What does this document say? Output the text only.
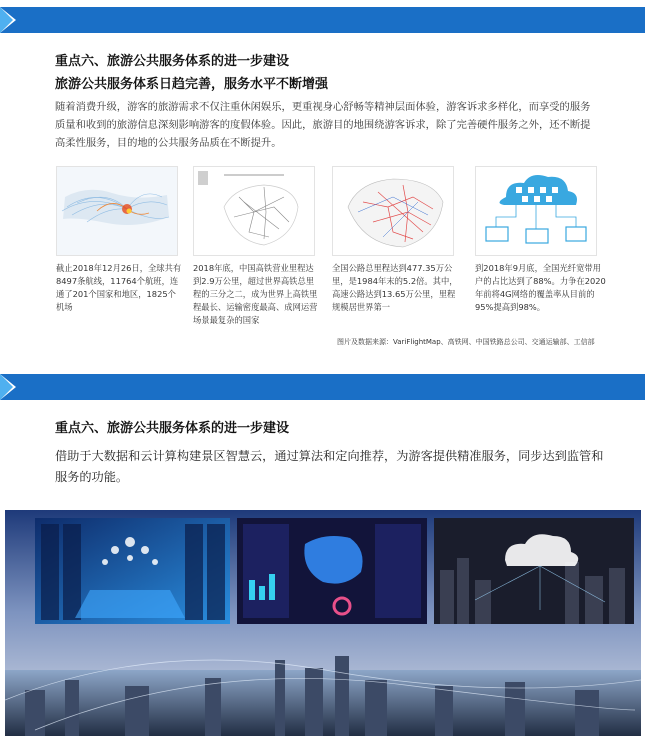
重点六、旅游公共服务体系的进一步建设
旅游公共服务体系日趋完善，服务水平不断增强
随着消费升级，游客的旅游需求不仅注重休闲娱乐，更重视身心舒畅等精神层面体验，游客诉求多样化，而享受的服务质量和收到的旅游信息深刻影响游客的度假体验。因此，旅游目的地围绕游客诉求，除了完善硬件服务之外，还不断提高柔性服务，目的地的公共服务品质在不断提升。
截止2018年12月26日，全球共有8497条航线，11764个航班，连通了201个国家和地区，1825个机场
2018年底，中国高铁营业里程达到2.9万公里，超过世界高铁总里程的三分之二，成为世界上高铁里程最长、运输密度最高、成网运营场景最复杂的国家
全国公路总里程达到477.35万公里，是1984年末的5.2倍。其中，高速公路达到13.65万公里，里程规模居世界第一
到2018年9月底，全国光纤宽带用户的占比达到了88%。力争在2020年前将4G网络的覆盖率从目前的95%提高到98%。
图片及数据来源：VariFlightMap、高铁网、中国铁路总公司、交通运输部、工信部
重点六、旅游公共服务体系的进一步建设
借助于大数据和云计算构建景区智慧云，通过算法和定向推荐，为游客提供精准服务，同步达到监管和服务的功能。
